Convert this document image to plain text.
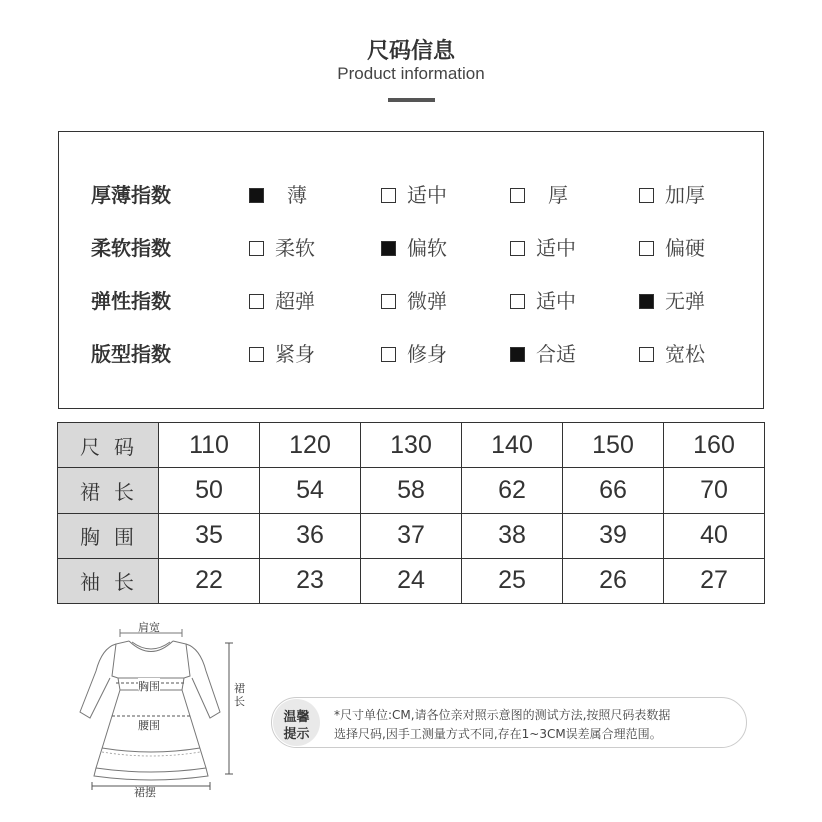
尺码信息
Product information
厚薄指数	薄	适中	厚	加厚
柔软指数	柔软	偏软	适中	偏硬
弹性指数	超弹	微弹	适中	无弹
版型指数	紧身	修身	合适	宽松
尺码	110	120	130	140	150	160
裙长	50	54	58	62	66	70
胸围	35	36	37	38	39	40
袖长	22	23	24	25	26	27
肩宽
胸围
腰围
裙长
裙摆
温馨
提示
*尺寸单位:CM,请各位亲对照示意图的测试方法,按照尺码表数据
选择尺码,因手工测量方式不同,存在1~3CM误差属合理范围。
